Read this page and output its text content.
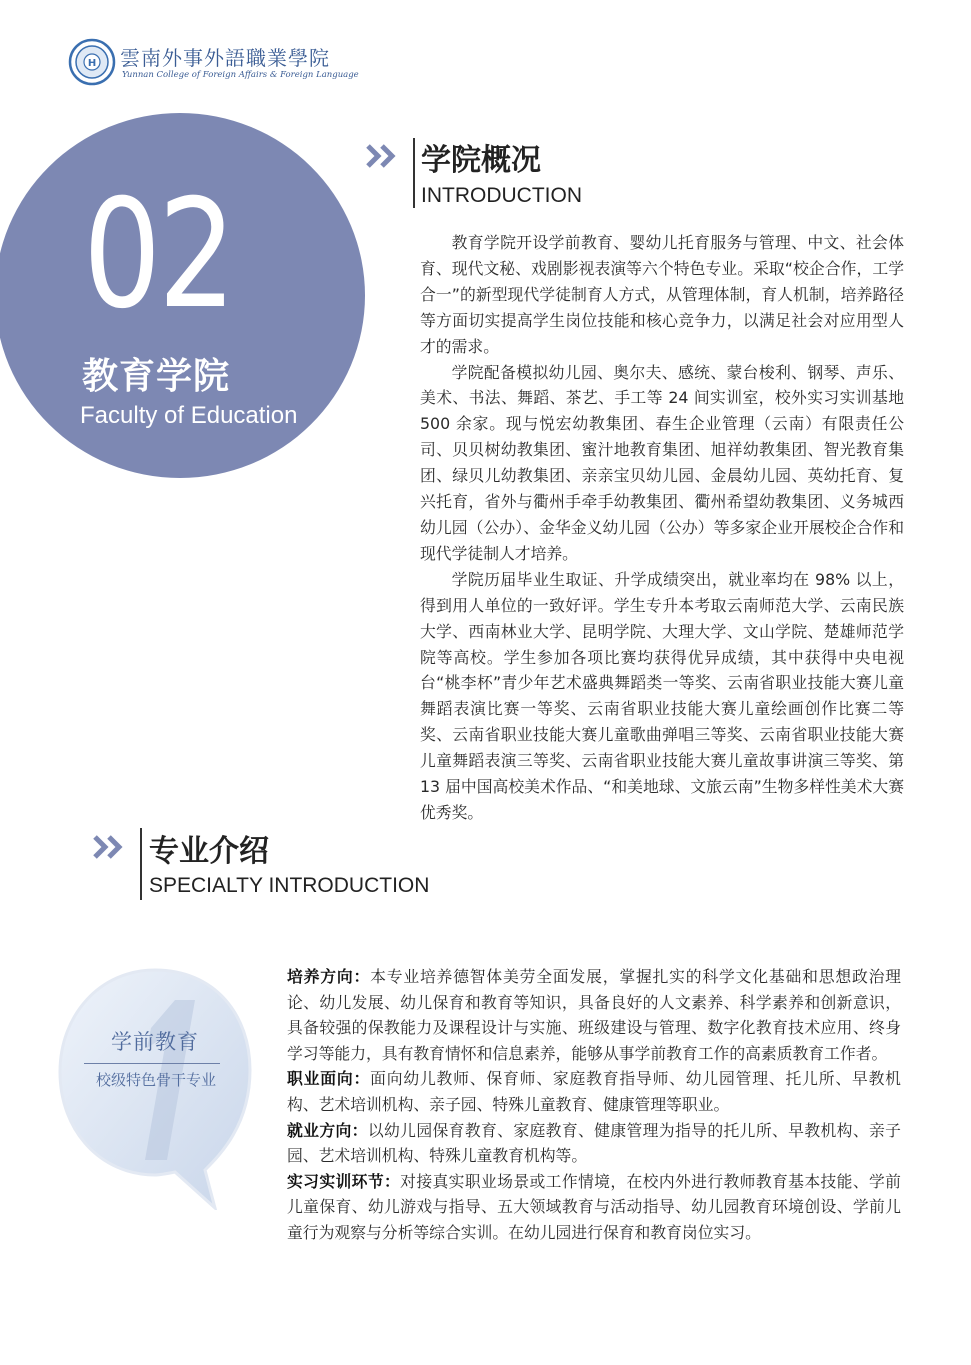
H 雲南外事外語職業學院
Yunnan College of Foreign Affairs & Foreign Language
02
教育学院
Faculty of Education
学院概况
INTRODUCTION

教育学院开设学前教育、婴幼儿托育服务与管理、中文、社会体育、现代文秘、戏剧影视表演等六个特色专业。采取“校企合作，工学合一”的新型现代学徒制育人方式，从管理体制，育人机制，培养路径等方面切实提高学生岗位技能和核心竞争力，以满足社会对应用型人才的需求。

学院配备模拟幼儿园、奥尔夫、感统、蒙台梭利、钢琴、声乐、美术、书法、舞蹈、茶艺、手工等 24 间实训室，校外实习实训基地 500 余家。现与悦宏幼教集团、春生企业管理（云南）有限责任公司、贝贝树幼教集团、蜜汁地教育集团、旭祥幼教集团、智光教育集团、绿贝儿幼教集团、亲亲宝贝幼儿园、金晨幼儿园、英幼托育、复兴托育，省外与衢州手牵手幼教集团、衢州希望幼教集团、义务城西幼儿园（公办）、金华金义幼儿园（公办）等多家企业开展校企合作和现代学徒制人才培养。

学院历届毕业生取证、升学成绩突出，就业率均在 98% 以上，得到用人单位的一致好评。学生专升本考取云南师范大学、云南民族大学、西南林业大学、昆明学院、大理大学、文山学院、楚雄师范学院等高校。学生参加各项比赛均获得优异成绩，其中获得中央电视台“桃李杯”青少年艺术盛典舞蹈类一等奖、云南省职业技能大赛儿童舞蹈表演比赛一等奖、云南省职业技能大赛儿童绘画创作比赛二等奖、云南省职业技能大赛儿童歌曲弹唱三等奖、云南省职业技能大赛儿童舞蹈表演三等奖、云南省职业技能大赛儿童故事讲演三等奖、第 13 届中国高校美术作品、“和美地球、文旅云南”生物多样性美术大赛优秀奖。

专业介绍
SPECIALTY INTRODUCTION
学前教育
校级特色骨干专业

培养方向：本专业培养德智体美劳全面发展，掌握扎实的科学文化基础和思想政治理论、幼儿发展、幼儿保育和教育等知识，具备良好的人文素养、科学素养和创新意识，具备较强的保教能力及课程设计与实施、班级建设与管理、数字化教育技术应用、终身学习等能力，具有教育情怀和信息素养，能够从事学前教育工作的高素质教育工作者。

职业面向：面向幼儿教师、保育师、家庭教育指导师、幼儿园管理、托儿所、早教机构、艺术培训机构、亲子园、特殊儿童教育、健康管理等职业。

就业方向：以幼儿园保育教育、家庭教育、健康管理为指导的托儿所、早教机构、亲子园、艺术培训机构、特殊儿童教育机构等。

实习实训环节：对接真实职业场景或工作情境，在校内外进行教师教育基本技能、学前儿童保育、幼儿游戏与指导、五大领域教育与活动指导、幼儿园教育环境创设、学前儿童行为观察与分析等综合实训。在幼儿园进行保育和教育岗位实习。
